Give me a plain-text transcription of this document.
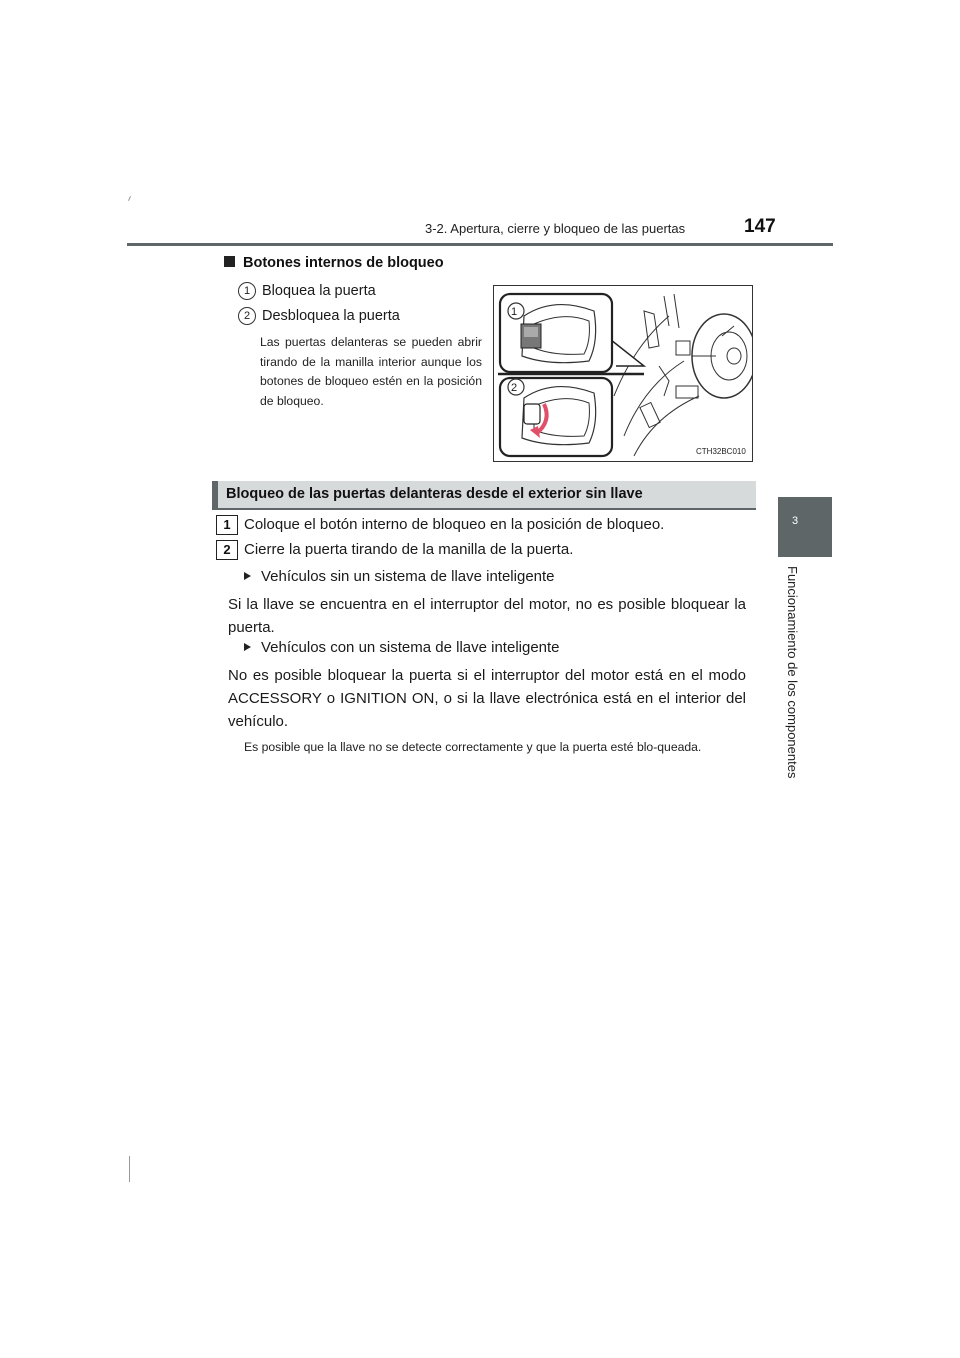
3-2. Apertura, cierre y bloqueo de las puertas	147
3
Funcionamiento de los componentes
Botones internos de bloqueo
1 Bloquea la puerta
2 Desbloquea la puerta
Las puertas delanteras se pueden abrir tirando de la manilla interior aunque los botones de bloqueo estén en la posición de bloqueo.
1
2
CTH32BC010
Bloqueo de las puertas delanteras desde el exterior sin llave
1 Coloque el botón interno de bloqueo en la posición de bloqueo.
2 Cierre la puerta tirando de la manilla de la puerta.
Vehículos sin un sistema de llave inteligente
Si la llave se encuentra en el interruptor del motor, no es posible bloquear la puerta.
Vehículos con un sistema de llave inteligente
No es posible bloquear la puerta si el interruptor del motor está en el modo ACCESSORY o IGNITION ON, o si la llave electrónica está en el interior del vehículo.
Es posible que la llave no se detecte correctamente y que la puerta esté blo-queada.
